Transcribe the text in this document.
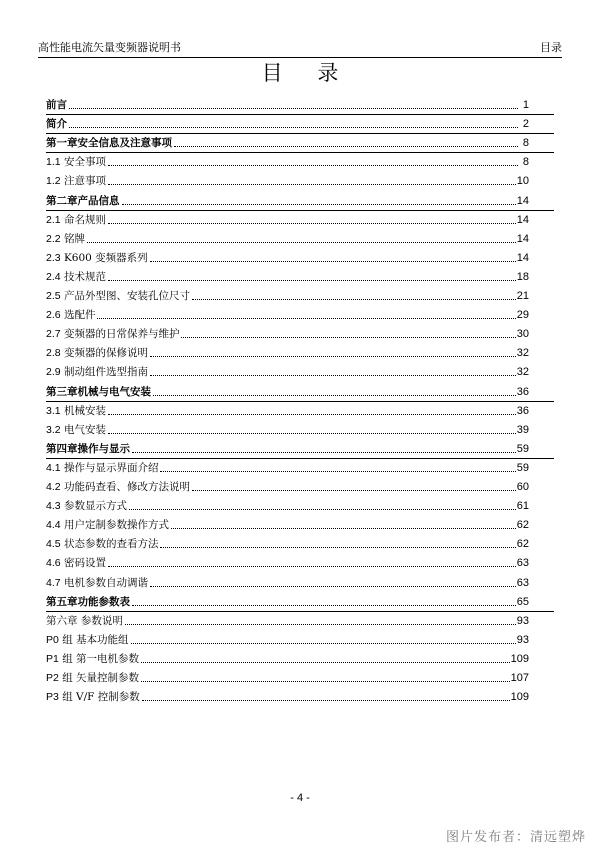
高性能电流矢量变频器说明书	目录
目 录
前言	1
简介	2
第一章安全信息及注意事项	8
1.1 安全事项	8
1.2 注意事项	10
第二章产品信息	14
2.1 命名规则	14
2.2 铭牌	14
2.3 K600 变频器系列	14
2.4 技术规范	18
2.5 产品外型图、安装孔位尺寸	21
2.6 选配件	29
2.7 变频器的日常保养与维护	30
2.8 变频器的保修说明	32
2.9 制动组件选型指南	32
第三章机械与电气安装	36
3.1 机械安装	36
3.2 电气安装	39
第四章操作与显示	59
4.1 操作与显示界面介绍	59
4.2 功能码查看、修改方法说明	60
4.3 参数显示方式	61
4.4 用户定制参数操作方式	62
4.5 状态参数的查看方法	62
4.6 密码设置	63
4.7 电机参数自动调谐	63
第五章功能参数表	65
第六章 参数说明	93
P0 组 基本功能组	93
P1 组 第一电机参数	109
P2 组 矢量控制参数	107
P3 组 V/F 控制参数	109
- 4 -
图片发布者：清远塑烨
